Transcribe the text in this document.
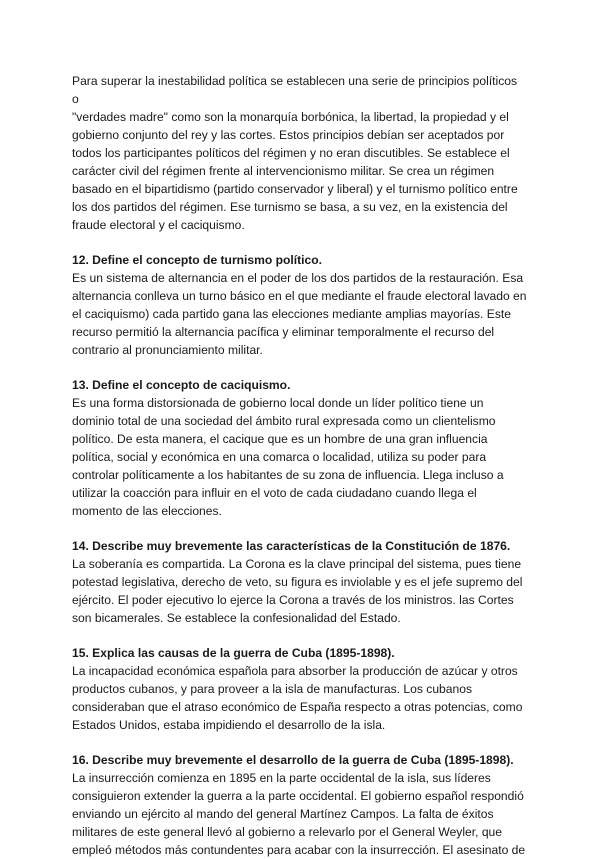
Para superar la inestabilidad política se establecen una serie de principios políticos
o
"verdades madre" como son la monarquía borbónica, la libertad, la propiedad y el
gobierno conjunto del rey y las cortes. Estos principios debían ser aceptados por
todos los participantes políticos del régimen y no eran discutibles. Se establece el
carácter civil del régimen frente al intervencionismo militar. Se crea un régimen
basado en el bipartidismo (partido conservador y liberal) y el turnismo político entre
los dos partidos del régimen. Ese turnismo se basa, a su vez, en la existencia del
fraude electoral y el caciquismo.

12. Define el concepto de turnismo político.

Es un sistema de alternancia en el poder de los dos partidos de la restauración. Esa
alternancia conlleva un turno básico en el que mediante el fraude electoral lavado en
el caciquismo) cada partido gana las elecciones mediante amplias mayorías. Este
recurso permitió la alternancia pacífica y eliminar temporalmente el recurso del
contrario al pronunciamiento militar.

13. Define el concepto de caciquismo.

Es una forma distorsionada de gobierno local donde un líder político tiene un
dominio total de una sociedad del ámbito rural expresada como un clientelismo
político. De esta manera, el cacique que es un hombre de una gran influencia
política, social y económica en una comarca o localidad, utiliza su poder para
controlar políticamente a los habitantes de su zona de influencia. Llega incluso a
utilizar la coacción para influir en el voto de cada ciudadano cuando llega el
momento de las elecciones.

14. Describe muy brevemente las características de la Constitución de 1876.

La soberanía es compartida. La Corona es la clave principal del sistema, pues tiene
potestad legislativa, derecho de veto, su figura es inviolable y es el jefe supremo del
ejército. El poder ejecutivo lo ejerce la Corona a través de los ministros. las Cortes
son bicamerales. Se establece la confesionalidad del Estado.

15. Explica las causas de la guerra de Cuba (1895-1898).

La incapacidad económica española para absorber la producción de azúcar y otros
productos cubanos, y para proveer a la isla de manufacturas. Los cubanos
consideraban que el atraso económico de España respecto a otras potencias, como
Estados Unidos, estaba impidiendo el desarrollo de la isla.

16. Describe muy brevemente el desarrollo de la guerra de Cuba (1895-1898).

La insurrección comienza en 1895 en la parte occidental de la isla, sus líderes
consiguieron extender la guerra a la parte occidental. El gobierno español respondió
enviando un ejército al mando del general Martínez Campos. La falta de éxitos
militares de este general llevó al gobierno a relevarlo por el General Weyler, que
empleó métodos más contundentes para acabar con la insurrección. El asesinato de
